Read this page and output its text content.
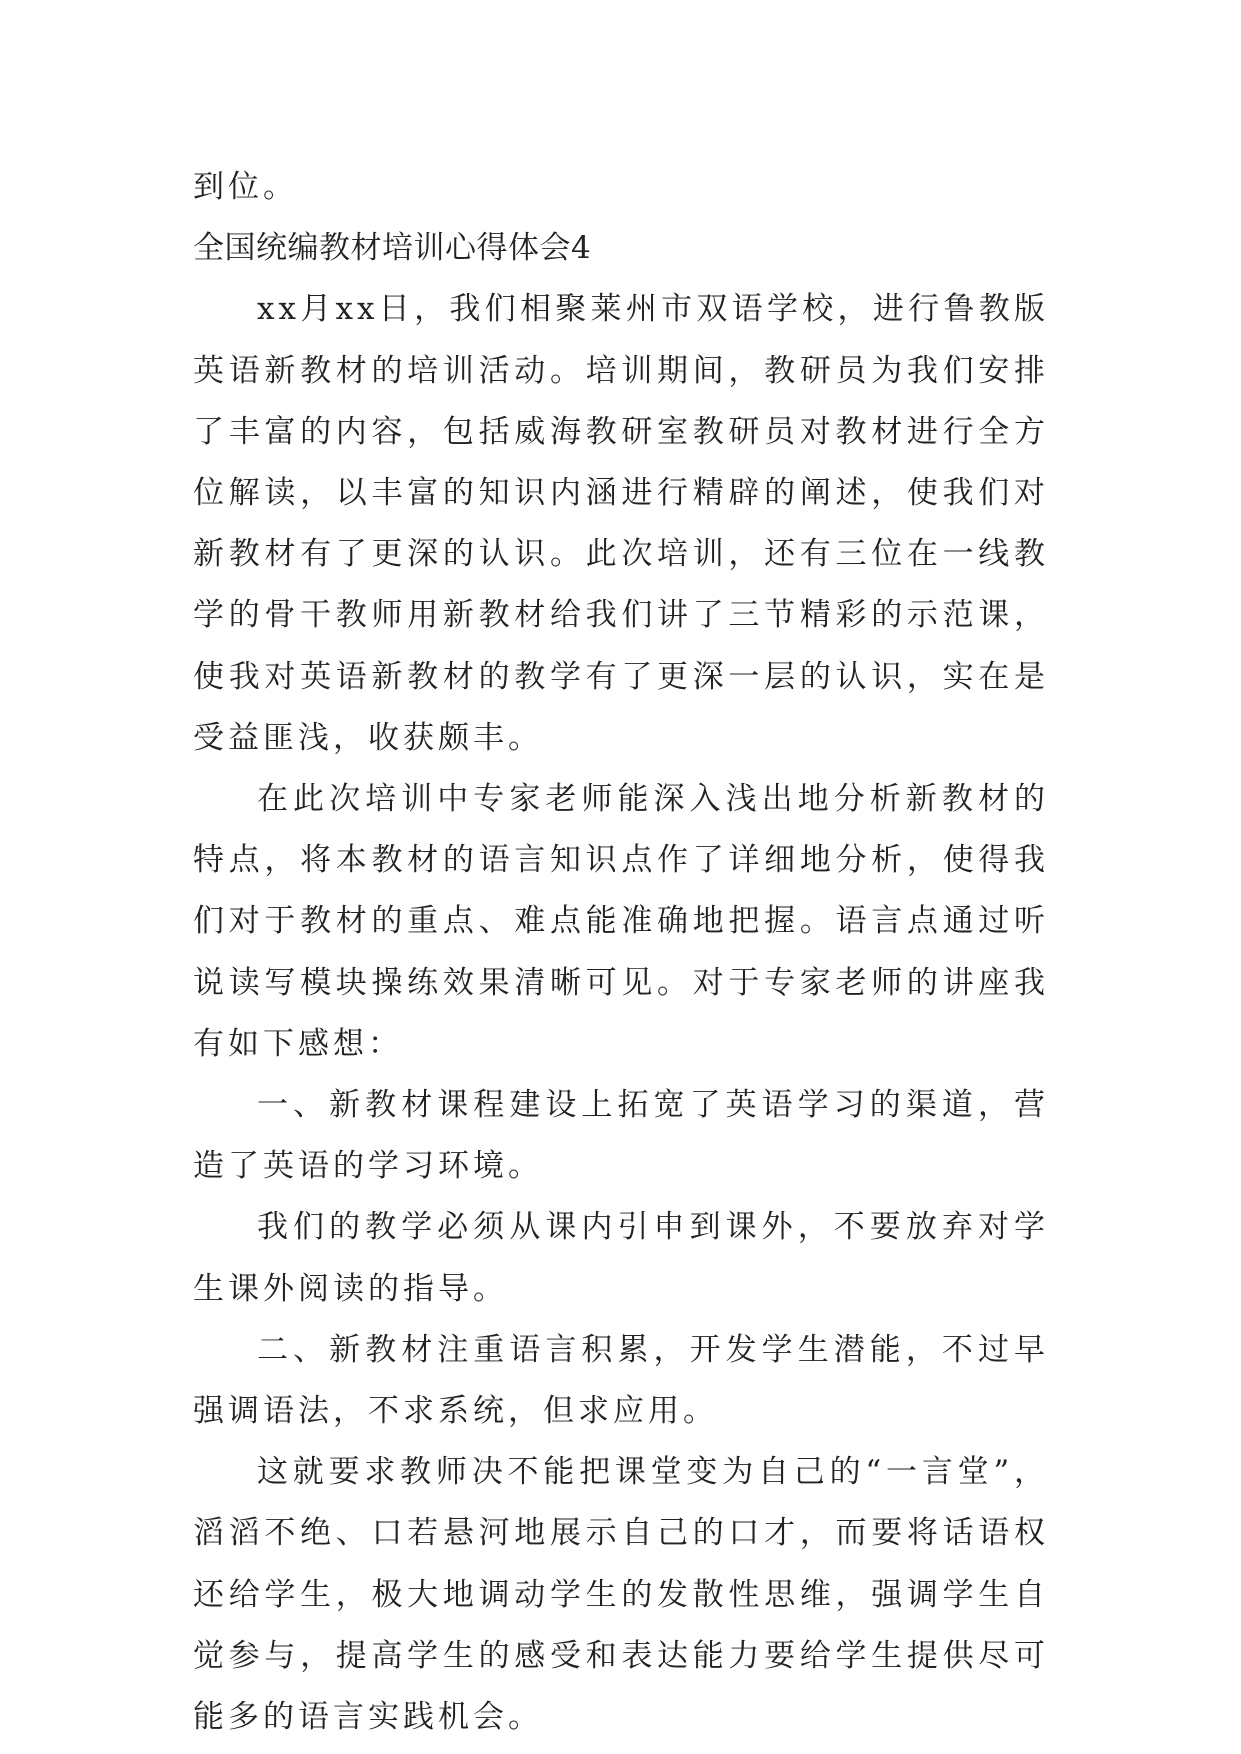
到位。

全国统编教材培训心得体会4

xx月xx日，我们相聚莱州市双语学校，进行鲁教版英语新教材的培训活动。培训期间，教研员为我们安排了丰富的内容，包括威海教研室教研员对教材进行全方位解读，以丰富的知识内涵进行精辟的阐述，使我们对新教材有了更深的认识。此次培训，还有三位在一线教学的骨干教师用新教材给我们讲了三节精彩的示范课，使我对英语新教材的教学有了更深一层的认识，实在是受益匪浅，收获颇丰。

在此次培训中专家老师能深入浅出地分析新教材的特点，将本教材的语言知识点作了详细地分析，使得我们对于教材的重点、难点能准确地把握。语言点通过听说读写模块操练效果清晰可见。对于专家老师的讲座我有如下感想：

一、新教材课程建设上拓宽了英语学习的渠道，营造了英语的学习环境。

我们的教学必须从课内引申到课外，不要放弃对学生课外阅读的指导。

二、新教材注重语言积累，开发学生潜能，不过早强调语法，不求系统，但求应用。

这就要求教师决不能把课堂变为自己的“一言堂”，滔滔不绝、口若悬河地展示自己的口才，而要将话语权还给学生，极大地调动学生的发散性思维，强调学生自觉参与，提高学生的感受和表达能力要给学生提供尽可能多的语言实践机会。
